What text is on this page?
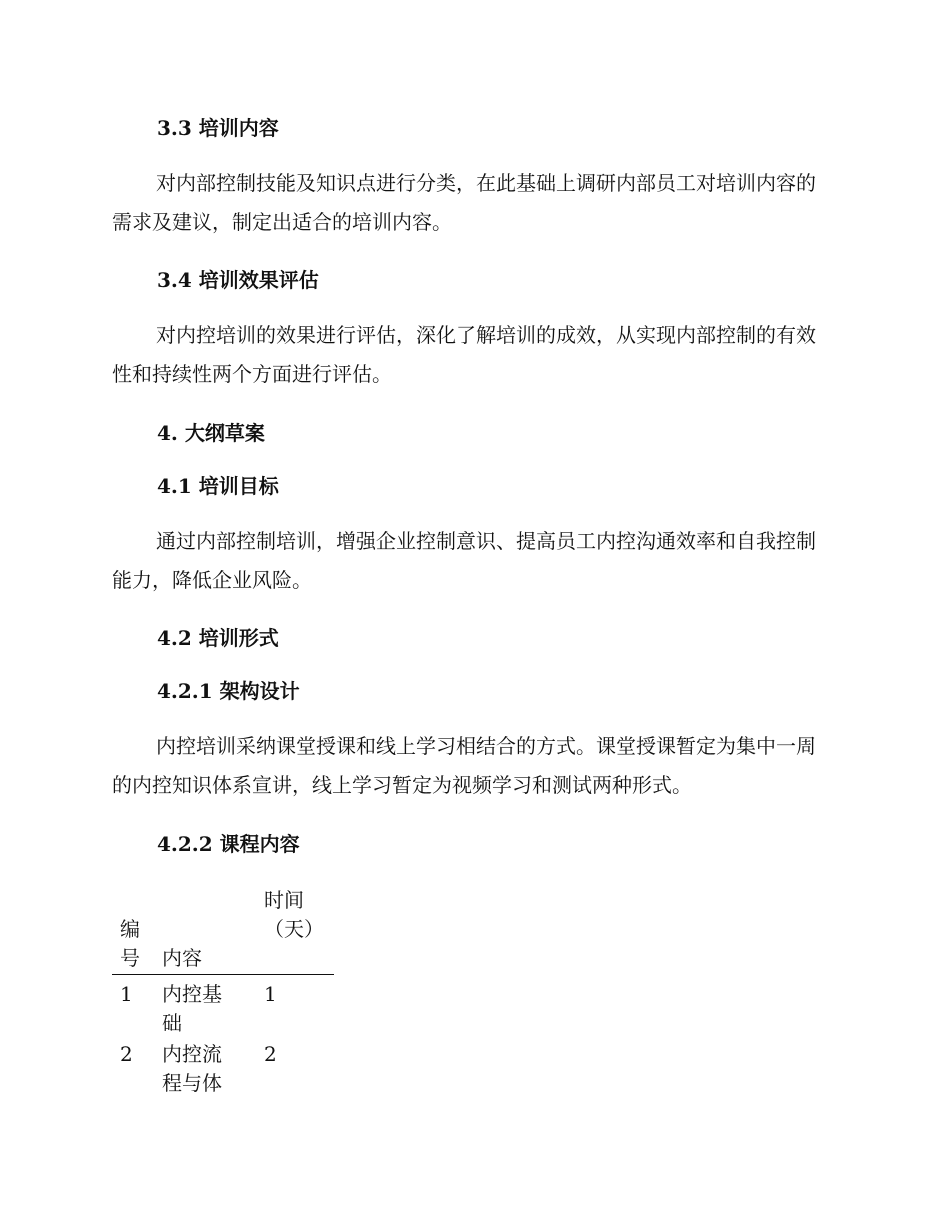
3.3 培训内容
对内部控制技能及知识点进行分类，在此基础上调研内部员工对培训内容的需求及建议，制定出适合的培训内容。
3.4 培训效果评估
对内控培训的效果进行评估，深化了解培训的成效，从实现内部控制的有效性和持续性两个方面进行评估。
4. 大纲草案
4.1 培训目标
通过内部控制培训，增强企业控制意识、提高员工内控沟通效率和自我控制能力，降低企业风险。
4.2 培训形式
4.2.1 架构设计
内控培训采纳课堂授课和线上学习相结合的方式。课堂授课暂定为集中一周的内控知识体系宣讲，线上学习暂定为视频学习和测试两种形式。
4.2.2 课程内容
编号 内容
时间（天）
1	内控基础
1
2	内控流程与体
2
